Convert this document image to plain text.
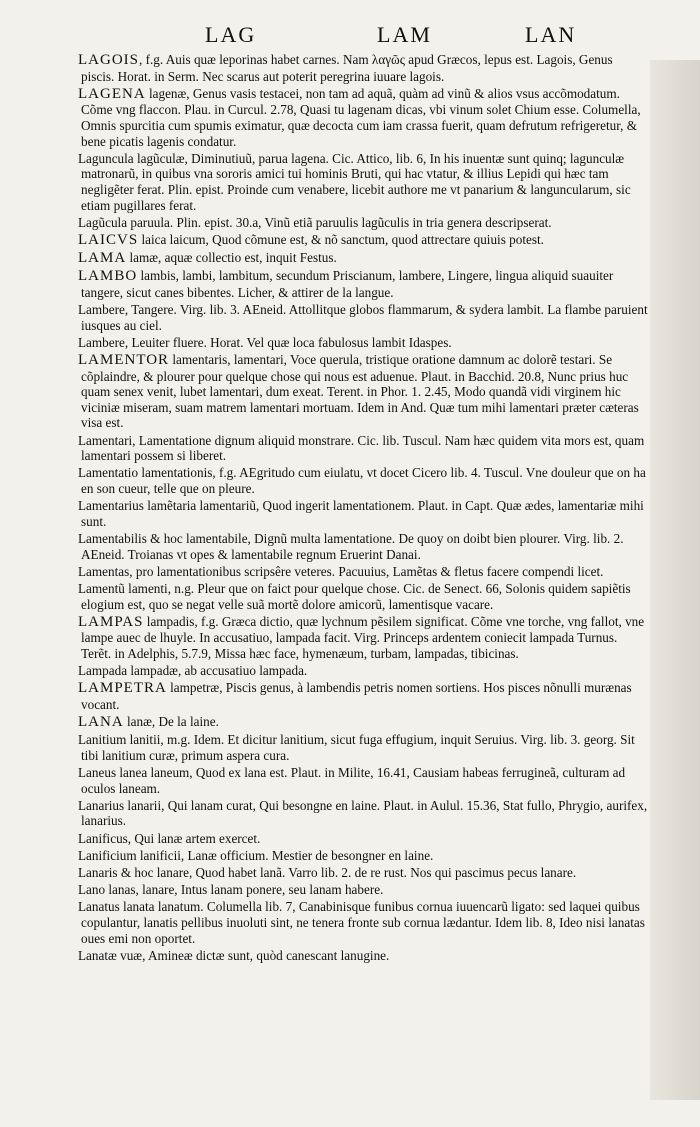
LAG	LAM	LAN

LAGOIS, f.g. Auis quæ leporinas habet carnes. Nam λαγῶς apud Græcos, lepus est. Lagois, Genus piscis. Horat. in Serm. Nec scarus aut poterit peregrina iuuare lagois.

LAGENA lagenæ, Genus vasis testacei, non tam ad aquã, quàm ad vinũ & alios vsus accõmodatum. Cõme vng flaccon. Plau. in Curcul. 2.78, Quasi tu lagenam dicas, vbi vinum solet Chium esse. Columella, Omnis spurcitia cum spumis eximatur, quæ decocta cum iam crassa fuerit, quam defrutum refrigeretur, & bene picatis lagenis condatur.

Laguncula lagũculæ, Diminutiuũ, parua lagena. Cic. Attico, lib. 6, In his inuentæ sunt quinq; lagunculæ matronarũ, in quibus vna sororis amici tui hominis Bruti, qui hac vtatur, & illius Lepidi qui hæc tam negligẽter ferat. Plin. epist. Proinde cum venabere, licebit authore me vt panarium & languncularum, sic etiam pugillares ferat.

Lagũcula paruula. Plin. epist. 30.a, Vinũ etiã paruulis lagũculis in tria genera descripserat.

LAICVS laica laicum, Quod cõmune est, & nõ sanctum, quod attrectare quiuis potest.

LAMA lamæ, aquæ collectio est, inquit Festus.

LAMBO lambis, lambi, lambitum, secundum Priscianum, lambere, Lingere, lingua aliquid suauiter tangere, sicut canes bibentes. Licher, & attirer de la langue.

Lambere, Tangere. Virg. lib. 3. AEneid. Attollitque globos flammarum, & sydera lambit. La flambe paruient iusques au ciel.

Lambere, Leuiter fluere. Horat. Vel quæ loca fabulosus lambit Idaspes.

LAMENTOR lamentaris, lamentari, Voce querula, tristique oratione damnum ac dolorẽ testari. Se cõplaindre, & plourer pour quelque chose qui nous est aduenue. Plaut. in Bacchid. 20.8, Nunc prius huc quam senex venit, lubet lamentari, dum exeat. Terent. in Phor. 1. 2.45, Modo quandã vidi virginem hic viciniæ miseram, suam matrem lamentari mortuam. Idem in And. Quæ tum mihi lamentari præter cæteras visa est.

Lamentari, Lamentatione dignum aliquid monstrare. Cic. lib. Tuscul. Nam hæc quidem vita mors est, quam lamentari possem si liberet.

Lamentatio lamentationis, f.g. AEgritudo cum eiulatu, vt docet Cicero lib. 4. Tuscul. Vne douleur que on ha en son cueur, telle que on pleure.

Lamentarius lamẽtaria lamentariũ, Quod ingerit lamentationem. Plaut. in Capt. Quæ ædes, lamentariæ mihi sunt.

Lamentabilis & hoc lamentabile, Dignũ multa lamentatione. De quoy on doibt bien plourer. Virg. lib. 2. AEneid. Troianas vt opes & lamentabile regnum Eruerint Danai.

Lamentas, pro lamentationibus scripsêre veteres. Pacuuius, Lamẽtas & fletus facere compendi licet.

Lamentũ lamenti, n.g. Pleur que on faict pour quelque chose. Cic. de Senect. 66, Solonis quidem sapiẽtis elogium est, quo se negat velle suã mortẽ dolore amicorũ, lamentisque vacare.

LAMPAS lampadis, f.g. Græca dictio, quæ lychnum pẽsilem significat. Cõme vne torche, vng fallot, vne lampe auec de lhuyle. In accusatiuo, lampada facit. Virg. Princeps ardentem coniecit lampada Turnus. Terẽt. in Adelphis, 5.7.9, Missa hæc face, hymenæum, turbam, lampadas, tibicinas.

Lampada lampadæ, ab accusatiuo lampada.

LAMPETRA lampetræ, Piscis genus, à lambendis petris nomen sortiens. Hos pisces nõnulli murænas vocant.

LANA lanæ, De la laine.

Lanitium lanitii, m.g. Idem. Et dicitur lanitium, sicut fuga effugium, inquit Seruius. Virg. lib. 3. georg. Sit tibi lanitium curæ, primum aspera cura.

Laneus lanea laneum, Quod ex lana est. Plaut. in Milite, 16.41, Causiam habeas ferrugineã, culturam ad oculos laneam.

Lanarius lanarii, Qui lanam curat, Qui besongne en laine. Plaut. in Aulul. 15.36, Stat fullo, Phrygio, aurifex, lanarius.

Lanificus, Qui lanæ artem exercet.

Lanificium lanificii, Lanæ officium. Mestier de besongner en laine.

Lanaris & hoc lanare, Quod habet lanã. Varro lib. 2. de re rust. Nos qui pascimus pecus lanare.

Lano lanas, lanare, Intus lanam ponere, seu lanam habere.

Lanatus lanata lanatum. Columella lib. 7, Canabinisque funibus cornua iuuencarũ ligato: sed laquei quibus copulantur, lanatis pellibus inuoluti sint, ne tenera fronte sub cornua lædantur. Idem lib. 8, Ideo nisi lanatas oues emi non oportet.

Lanatæ vuæ, Amineæ dictæ sunt, quòd canescant lanugine.
